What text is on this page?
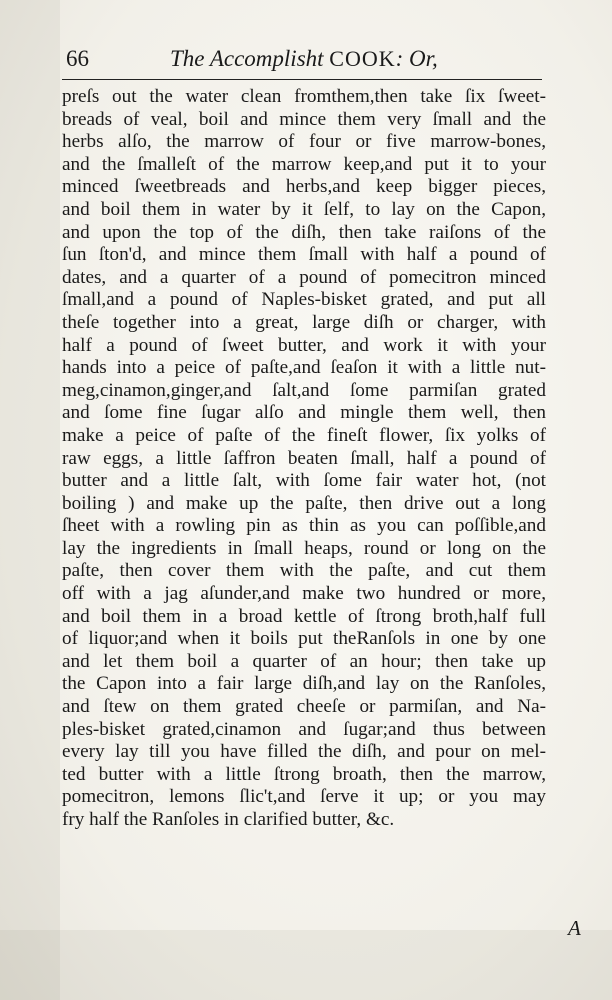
66	The Accomplisht COOK: Or,
preſs out the water clean fromthem,then take ſix ſweet-
breads of veal, boil and mince them very ſmall and the
herbs alſo, the marrow of four or five marrow-bones,
and the ſmalleſt of the marrow keep,and put it to your
minced ſweetbreads and herbs,and keep bigger pieces,
and boil them in water by it ſelf, to lay on the Capon,
and upon the top of the diſh, then take raiſons of the
ſun ſton'd, and mince them ſmall with half a pound of
dates, and a quarter of a pound of pomecitron minced
ſmall,and a pound of Naples-bisket grated, and put all
theſe together into a great, large diſh or charger, with
half a pound of ſweet butter, and work it with your
hands into a peice of paſte,and ſeaſon it with a little nut-
meg,cinamon,ginger,and ſalt,and ſome parmiſan grated
and ſome fine ſugar alſo and mingle them well, then
make a peice of paſte of the fineſt flower, ſix yolks of
raw eggs, a little ſaffron beaten ſmall, half a pound of
butter and a little ſalt, with ſome fair water hot, (not
boiling ) and make up the paſte, then drive out a long
ſheet with a rowling pin as thin as you can poſſible,and
lay the ingredients in ſmall heaps, round or long on the
paſte, then cover them with the paſte, and cut them
off with a jag aſunder,and make two hundred or more,
and boil them in a broad kettle of ſtrong broth,half full
of liquor;and when it boils put theRanſols in one by one
and let them boil a quarter of an hour; then take up
the Capon into a fair large diſh,and lay on the Ranſoles,
and ſtew on them grated cheeſe or parmiſan, and Na-
ples-bisket grated,cinamon and ſugar;and thus between
every lay till you have filled the diſh, and pour on mel-
ted butter with a little ſtrong broath, then the marrow,
pomecitron, lemons ſlic't,and ſerve it up; or you may
fry half the Ranſoles in clarified butter, &c.
A
